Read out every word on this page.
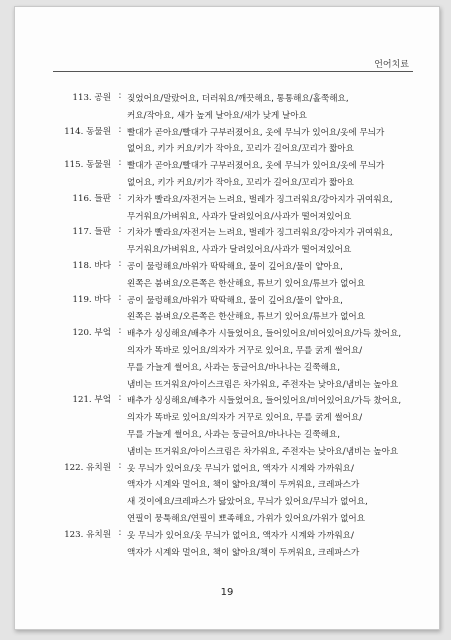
언어치료
113. 공원 : 짖었어요/말랐어요, 더러워요/깨끗해요, 통통해요/홀쭉해요,
커요/작아요, 새가 높게 날아요/새가 낮게 날아요
114. 동물원 : 빨대가 곧아요/빨대가 구부러졌어요, 옷에 무늬가 있어요/옷에 무늬가
없어요, 키가 커요/키가 작아요, 꼬리가 길어요/꼬리가 짧아요
115. 동물원 : 빨대가 곧아요/빨대가 구부러졌어요, 옷에 무늬가 있어요/옷에 무늬가
없어요, 키가 커요/키가 작아요, 꼬리가 길어요/꼬리가 짧아요
116. 들판 : 기차가 빨라요/자전거는 느려요, 벌레가 징그러워요/강아지가 귀여워요,
무거워요/가벼워요, 사과가 달려있어요/사과가 떨어져있어요
117. 들판 : 기차가 빨라요/자전거는 느려요, 벌레가 징그러워요/강아지가 귀여워요,
무거워요/가벼워요, 사과가 달려있어요/사과가 떨어져있어요
118. 바다 : 공이 물렁해요/바위가 딱딱해요, 물이 깊어요/물이 얕아요,
왼쪽은 붐벼요/오른쪽은 한산해요, 튜브기 있어요/튜브가 없어요
119. 바다 : 공이 물렁해요/바위가 딱딱해요, 물이 깊어요/물이 얕아요,
왼쪽은 붐벼요/오른쪽은 한산해요, 튜브기 있어요/튜브가 없어요
120. 부엌 : 배추가 싱싱해요/배추가 시들었어요, 들어있어요/비어있어요/가득 찼어요,
의자가 똑바로 있어요/의자가 거꾸로 있어요, 무를 굵게 썰어요/
무를 가늘게 썰어요, 사과는 둥글어요/바나나는 길쭉해요,
냄비는 뜨거워요/아이스크림은 차가워요, 주전자는 낮아요/냄비는 높아요
121. 부엌 : 배추가 싱싱해요/배추가 시들었어요, 들어있어요/비어있어요/가득 찼어요,
의자가 똑바로 있어요/의자가 거꾸로 있어요, 무를 굵게 썰어요/
무를 가늘게 썰어요, 사과는 둥글어요/바나나는 길쭉해요,
냄비는 뜨거워요/아이스크림은 차가워요, 주전자는 낮아요/냄비는 높아요
122. 유치원 : 옷 무늬가 있어요/옷 무늬가 없어요, 액자가 시계와 가까워요/
액자가 시계와 멀어요, 책이 얇아요/책이 두꺼워요, 크레파스가
새 것이에요/크레파스가 닳았어요, 무늬가 있어요/무늬가 없어요,
연필이 뭉툭해요/연필이 뾰족해요, 가위가 있어요/가위가 없어요
123. 유치원 : 옷 무늬가 있어요/옷 무늬가 없어요, 액자가 시계와 가까워요/
액자가 시계와 멀어요, 책이 얇아요/책이 두꺼워요, 크레파스가
19
